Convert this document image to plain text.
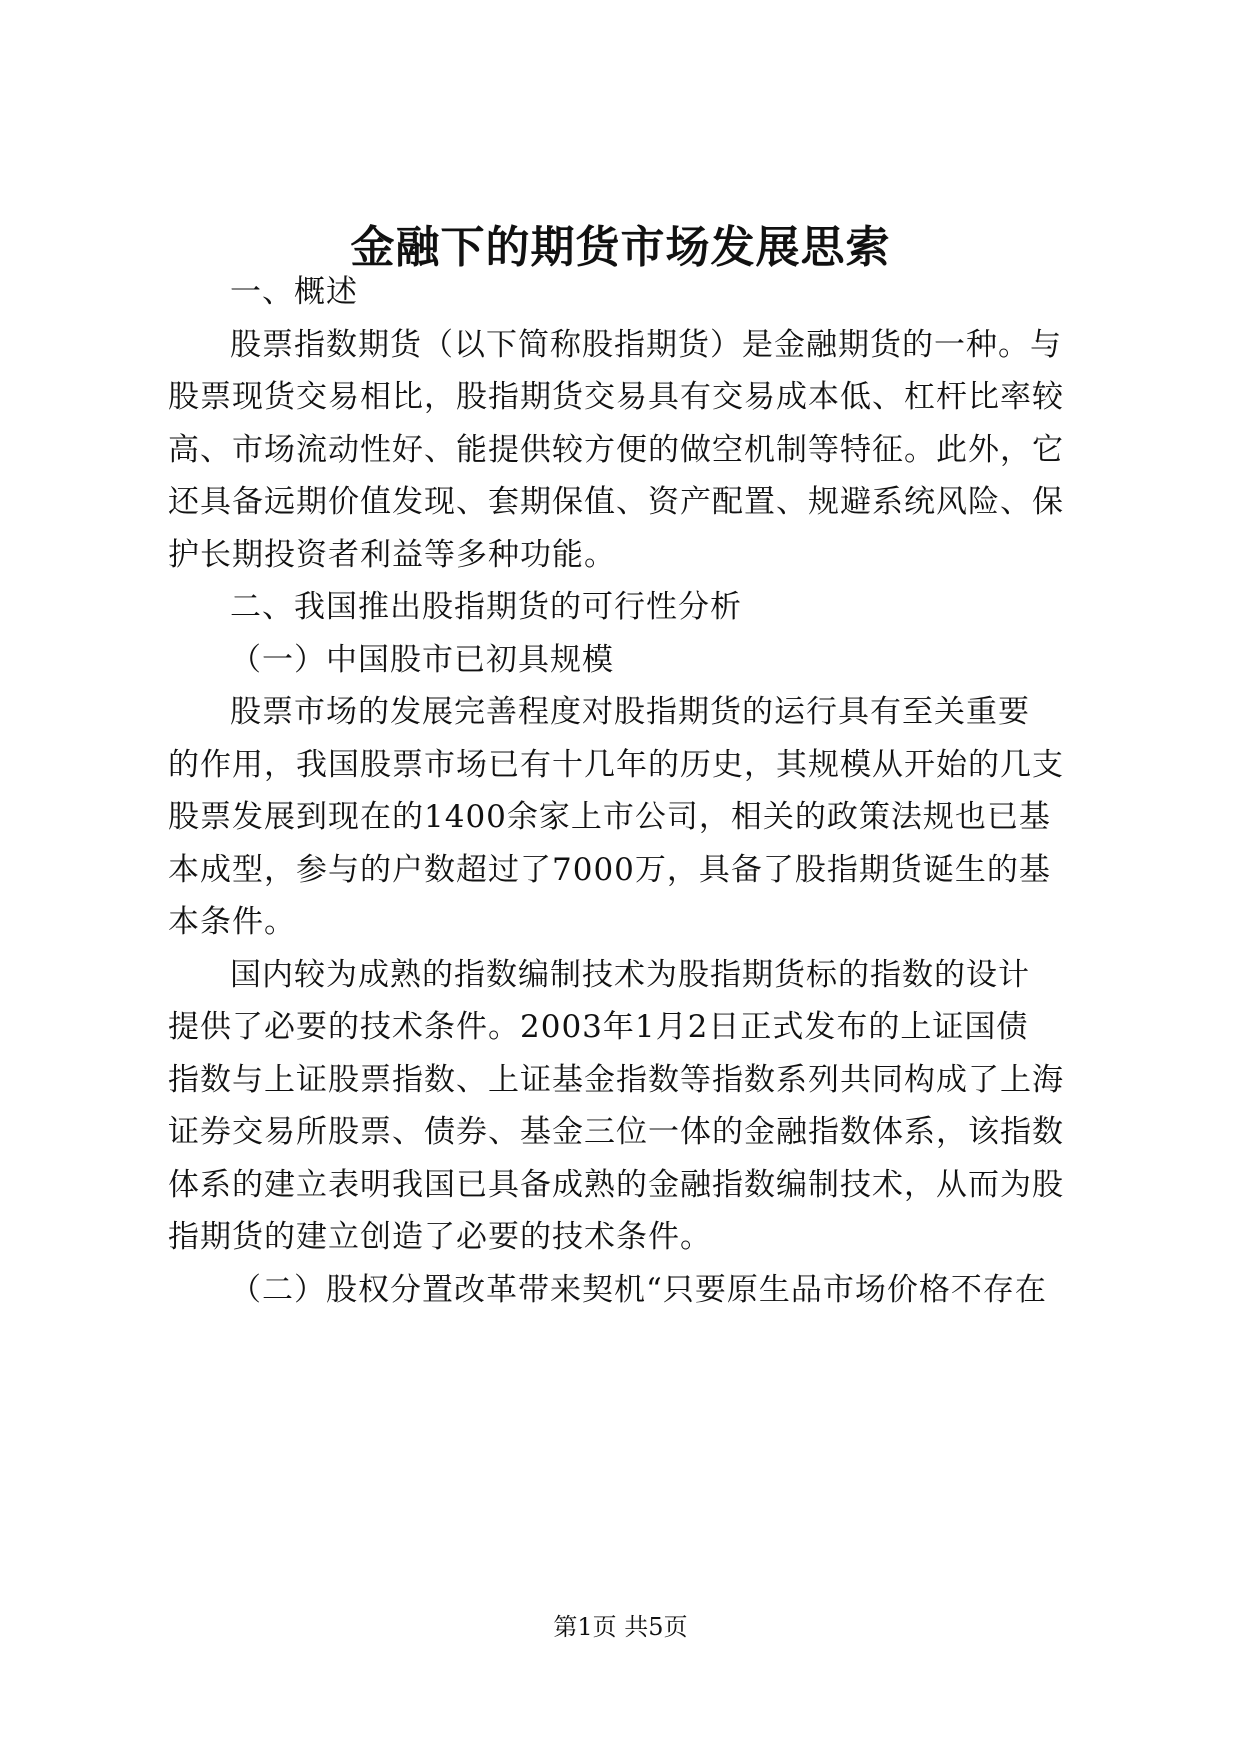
金融下的期货市场发展思索
一、概述
股票指数期货（以下简称股指期货）是金融期货的一种。与
股票现货交易相比，股指期货交易具有交易成本低、杠杆比率较
高、市场流动性好、能提供较方便的做空机制等特征。此外，它
还具备远期价值发现、套期保值、资产配置、规避系统风险、保
护长期投资者利益等多种功能。
二、我国推出股指期货的可行性分析
（一）中国股市已初具规模
股票市场的发展完善程度对股指期货的运行具有至关重要
的作用，我国股票市场已有十几年的历史，其规模从开始的几支
股票发展到现在的1400余家上市公司，相关的政策法规也已基
本成型，参与的户数超过了7000万，具备了股指期货诞生的基
本条件。
国内较为成熟的指数编制技术为股指期货标的指数的设计
提供了必要的技术条件。2003年1月2日正式发布的上证国债
指数与上证股票指数、上证基金指数等指数系列共同构成了上海
证券交易所股票、债券、基金三位一体的金融指数体系，该指数
体系的建立表明我国已具备成熟的金融指数编制技术，从而为股
指期货的建立创造了必要的技术条件。
（二）股权分置改革带来契机“只要原生品市场价格不存在
第1页 共5页
